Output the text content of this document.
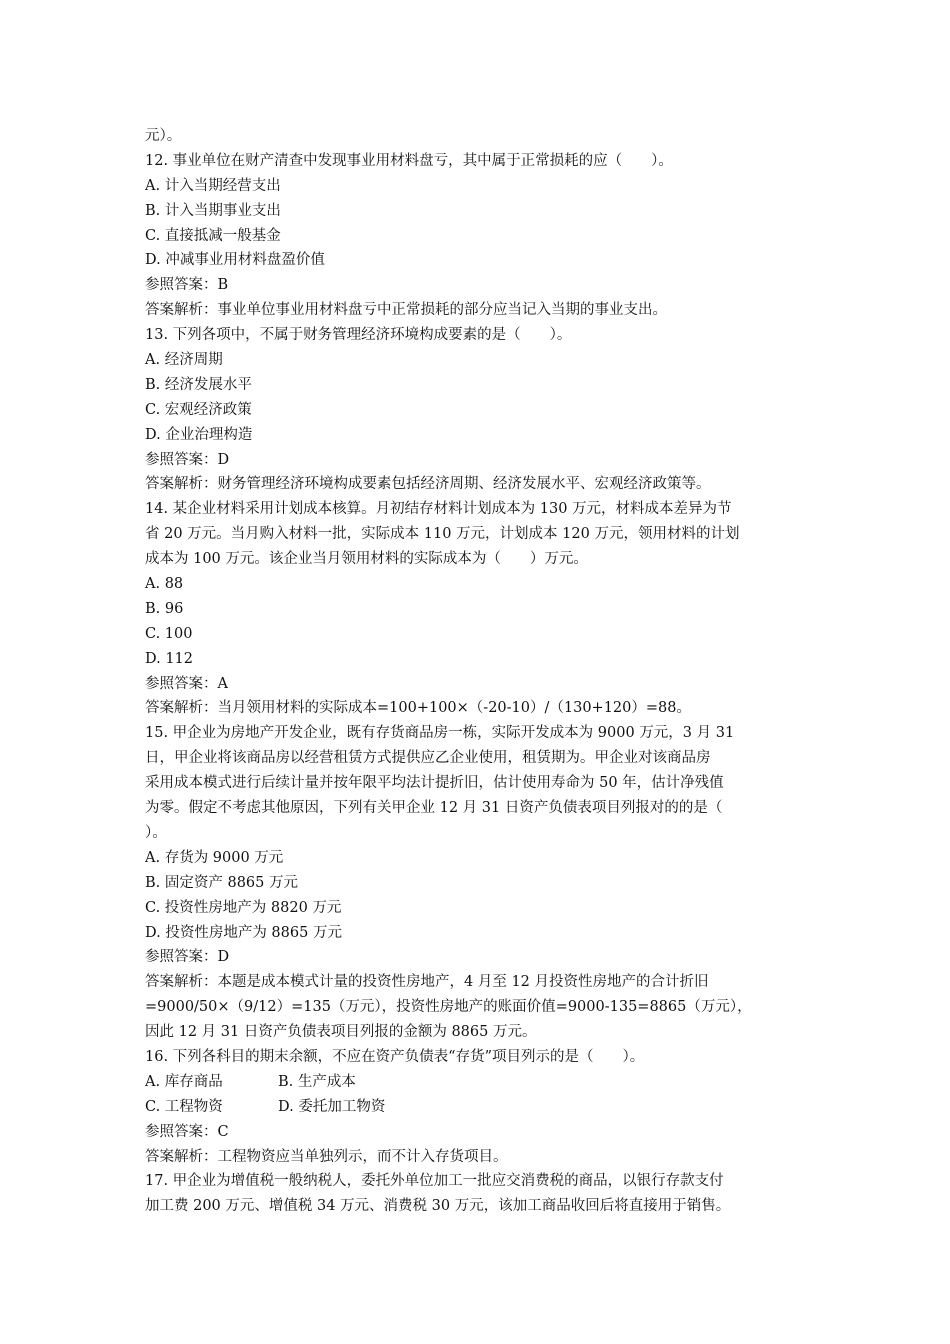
元）。
12. 事业单位在财产清查中发现事业用材料盘亏，其中属于正常损耗的应（　　）。
A. 计入当期经营支出
B. 计入当期事业支出
C. 直接抵减一般基金
D. 冲减事业用材料盘盈价值
参照答案：B
答案解析：事业单位事业用材料盘亏中正常损耗的部分应当记入当期的事业支出。
13. 下列各项中，不属于财务管理经济环境构成要素的是（　　）。
A. 经济周期
B. 经济发展水平
C. 宏观经济政策
D. 企业治理构造
参照答案：D
答案解析：财务管理经济环境构成要素包括经济周期、经济发展水平、宏观经济政策等。
14. 某企业材料采用计划成本核算。月初结存材料计划成本为 130 万元，材料成本差异为节
省 20 万元。当月购入材料一批，实际成本 110 万元，计划成本 120 万元，领用材料的计划
成本为 100 万元。该企业当月领用材料的实际成本为（　　）万元。
A. 88
B. 96
C. 100
D. 112
参照答案：A
答案解析：当月领用材料的实际成本=100+100×（-20-10）/（130+120）=88。
15. 甲企业为房地产开发企业，既有存货商品房一栋，实际开发成本为 9000 万元，3 月 31
日，甲企业将该商品房以经营租赁方式提供应乙企业使用，租赁期为。甲企业对该商品房
采用成本模式进行后续计量并按年限平均法计提折旧，估计使用寿命为 50 年，估计净残值
为零。假定不考虑其他原因，下列有关甲企业 12 月 31 日资产负债表项目列报对的的是（
）。
A. 存货为 9000 万元
B. 固定资产 8865 万元
C. 投资性房地产为 8820 万元
D. 投资性房地产为 8865 万元
参照答案：D
答案解析：本题是成本模式计量的投资性房地产，4 月至 12 月投资性房地产的合计折旧
=9000/50×（9/12）=135（万元），投资性房地产的账面价值=9000-135=8865（万元），
因此 12 月 31 日资产负债表项目列报的金额为 8865 万元。
16. 下列各科目的期末余额，不应在资产负债表“存货”项目列示的是（　　）。
A. 库存商品	B. 生产成本
C. 工程物资	D. 委托加工物资
参照答案：C
答案解析：工程物资应当单独列示，而不计入存货项目。
17. 甲企业为增值税一般纳税人，委托外单位加工一批应交消费税的商品，以银行存款支付
加工费 200 万元、增值税 34 万元、消费税 30 万元，该加工商品收回后将直接用于销售。
